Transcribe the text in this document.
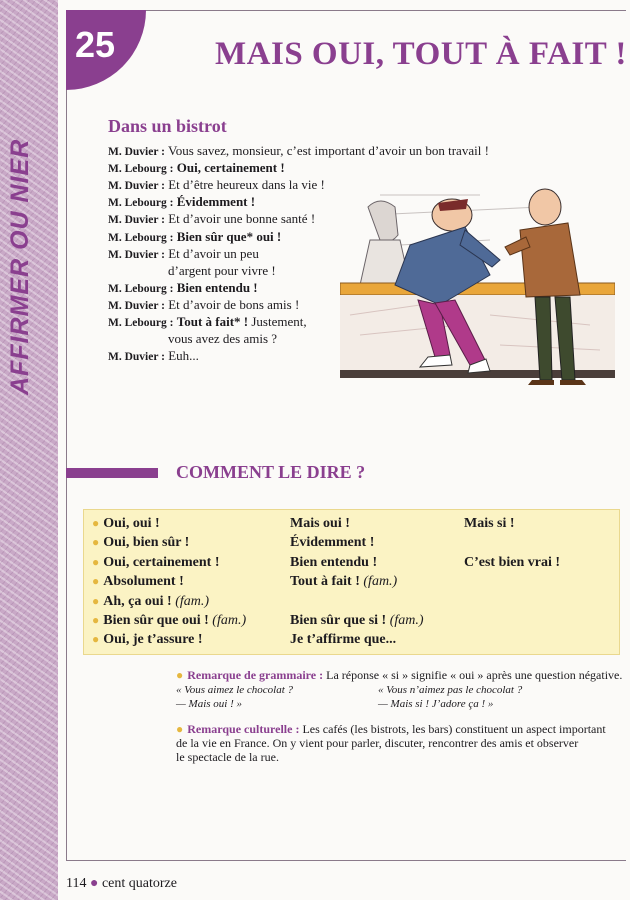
AFFIRMER OU NIER
25	MAIS OUI, TOUT À FAIT !
Dans un bistrot
M. Duvier : Vous savez, monsieur, c’est important d’avoir un bon travail !
M. Lebourg : Oui, certainement !
M. Duvier : Et d’être heureux dans la vie !
M. Lebourg : Évidemment !
M. Duvier : Et d’avoir une bonne santé !
M. Lebourg : Bien sûr que* oui !
M. Duvier : Et d’avoir un peu
d’argent pour vivre !
M. Lebourg : Bien entendu !
M. Duvier : Et d’avoir de bons amis !
M. Lebourg : Tout à fait* ! Justement,
vous avez des amis ?
M. Duvier : Euh...
COMMENT LE DIRE ?
● Oui, oui !
● Oui, bien sûr !
● Oui, certainement !
● Absolument !
● Ah, ça oui ! (fam.)
● Bien sûr que oui ! (fam.)
● Oui, je t’assure !
Mais oui !
Évidemment !
Bien entendu !
Tout à fait ! (fam.)
Bien sûr que si ! (fam.)
Je t’affirme que...
Mais si !
C’est bien vrai !
● Remarque de grammaire : La réponse « si » signifie « oui » après une question négative.
« Vous aimez le chocolat ?
— Mais oui ! »
« Vous n’aimez pas le chocolat ?
— Mais si ! J’adore ça ! »
● Remarque culturelle : Les cafés (les bistrots, les bars) constituent un aspect important
de la vie en France. On y vient pour parler, discuter, rencontrer des amis et observer
le spectacle de la rue.
114 ● cent quatorze
